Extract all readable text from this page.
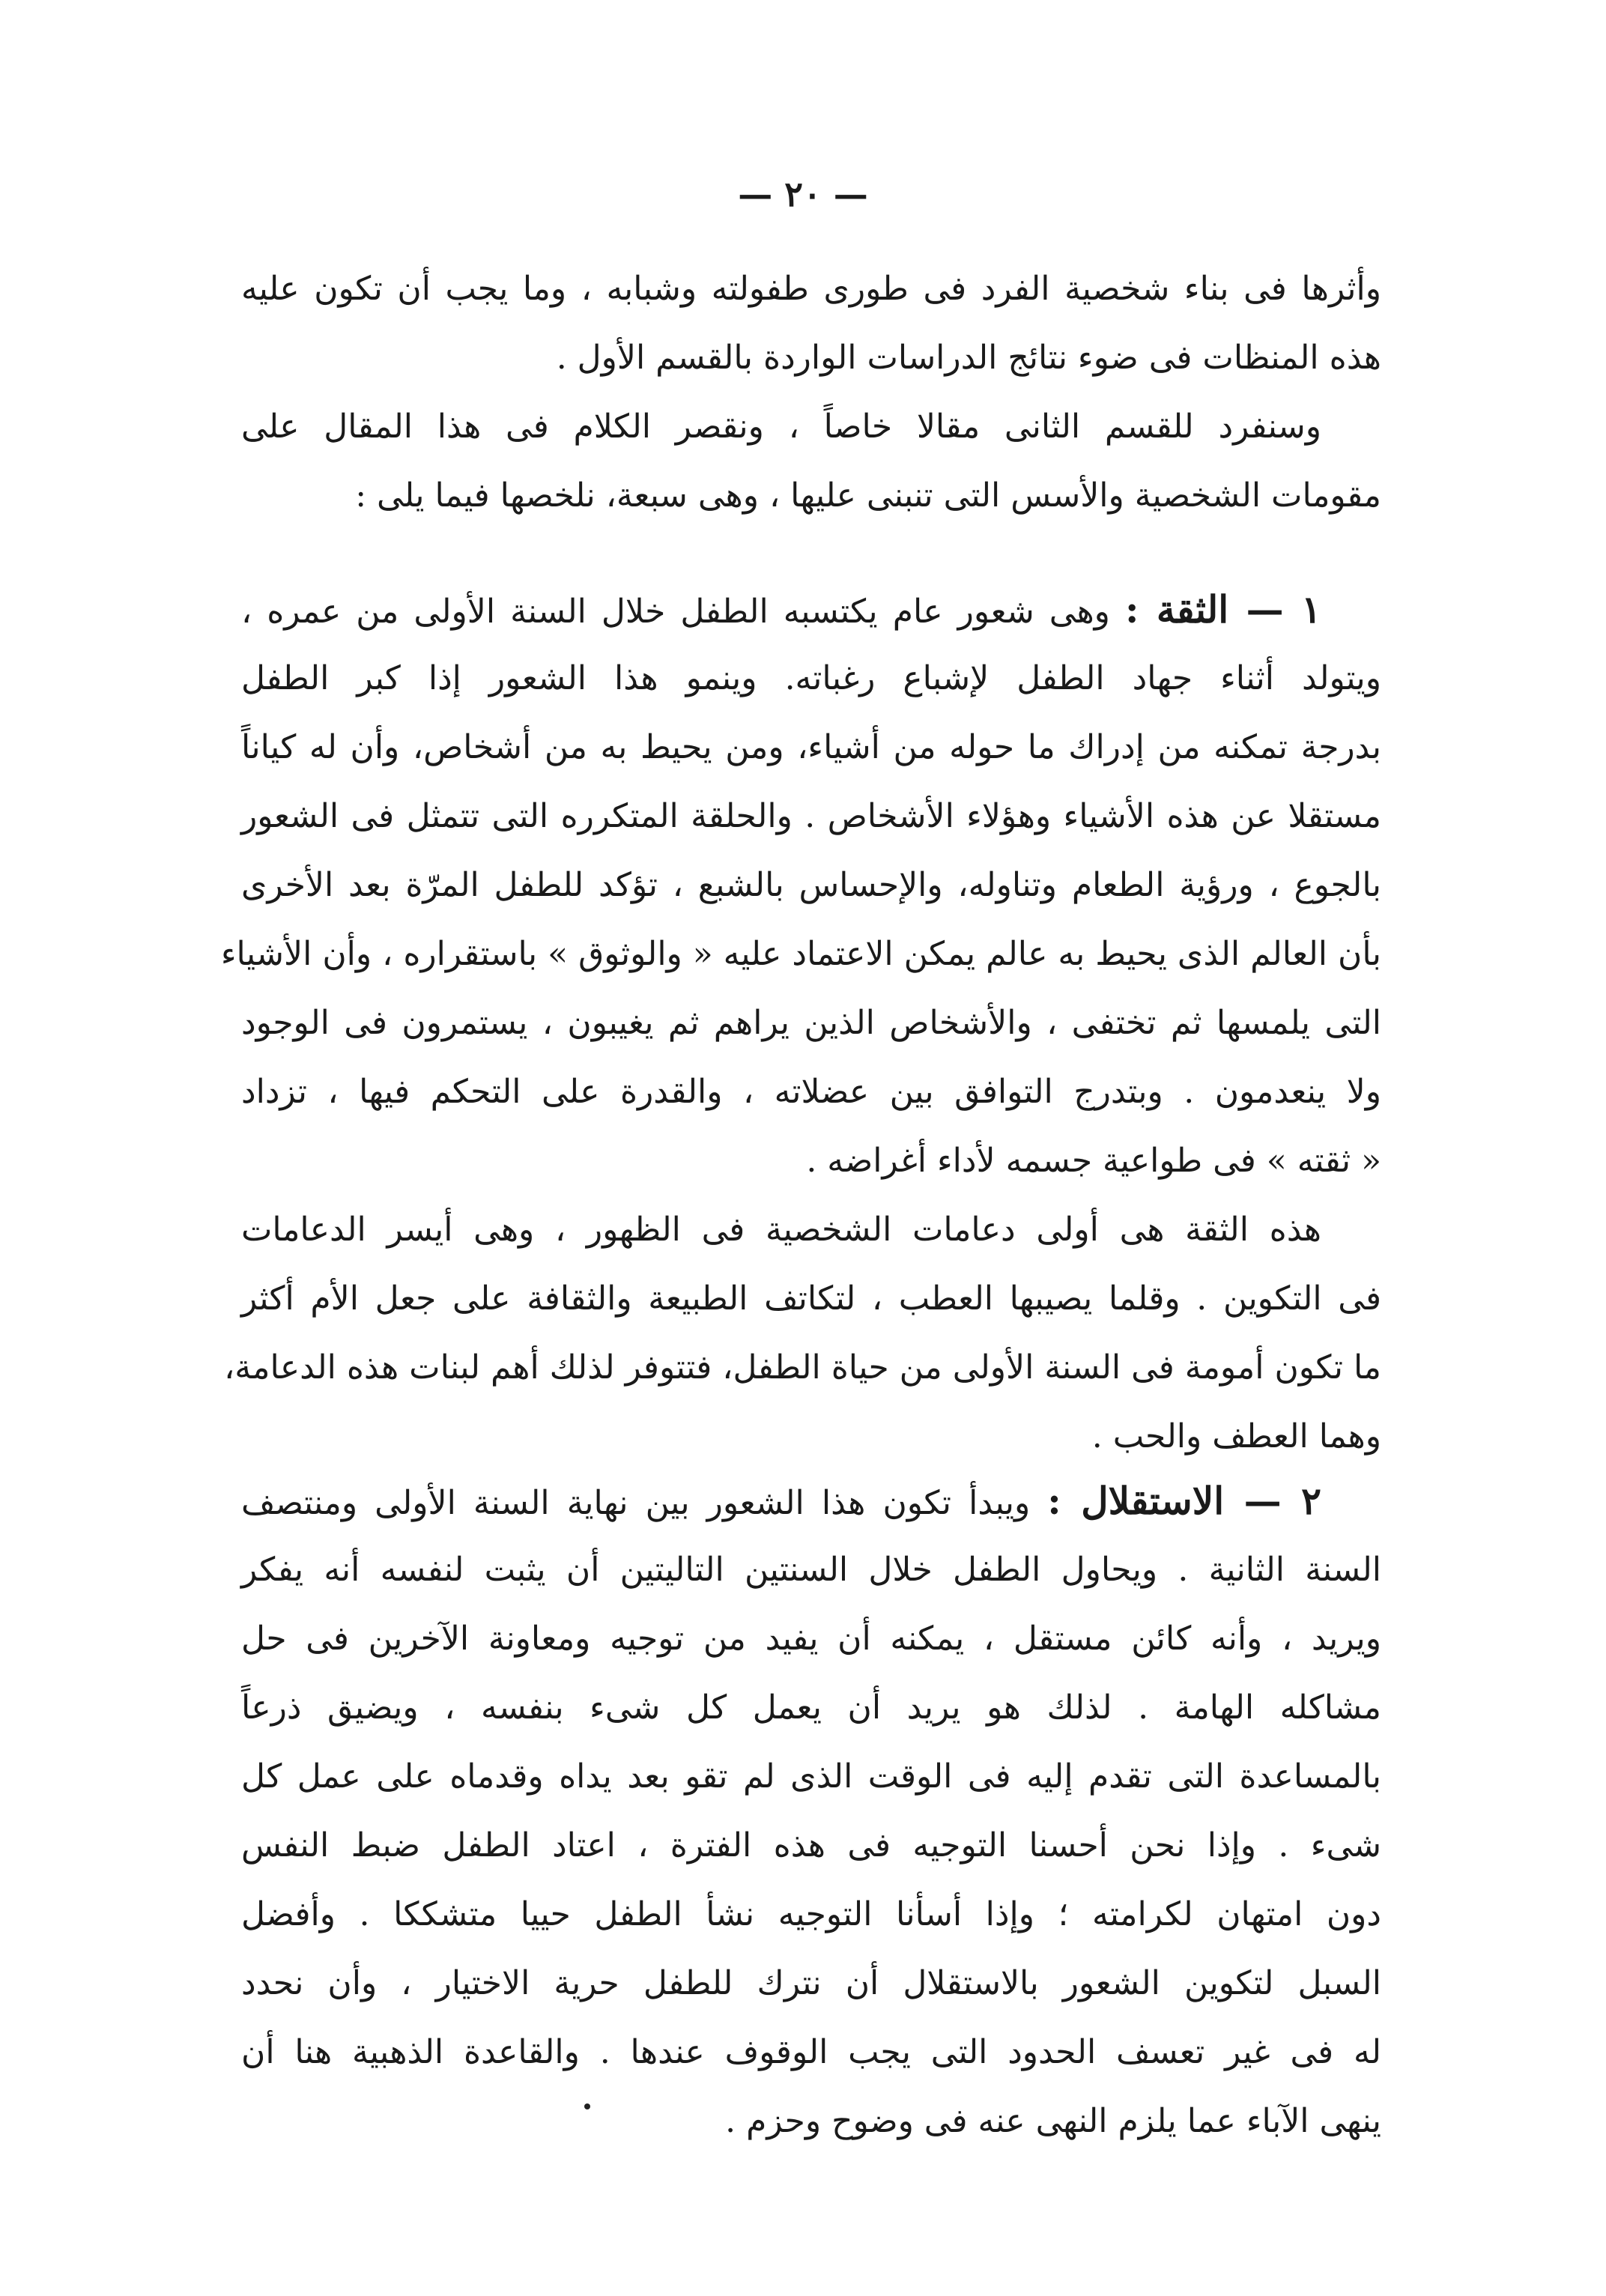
— ٢٠ —
وأثرها فى بناء شخصية الفرد فى طورى طفولته وشبابه ، وما يجب أن تكون عليه
هذه المنظات فى ضوء نتائج الدراسات الواردة بالقسم الأول .
وسنفرد للقسم الثانى مقالا خاصاً ، ونقصر الكلام فى هذا المقال على
مقومات الشخصية والأسس التى تنبنى عليها ، وهى سبعة، نلخصها فيما يلى :
١ — الثقة : وهى شعور عام يكتسبه الطفل خلال السنة الأولى من عمره ،
ويتولد أثناء جهاد الطفل لإشباع رغباته. وينمو هذا الشعور إذا كبر الطفل
بدرجة تمكنه من إدراك ما حوله من أشياء، ومن يحيط به من أشخاص، وأن له كياناً
مستقلا عن هذه الأشياء وهؤلاء الأشخاص . والحلقة المتكرره التى تتمثل فى الشعور
بالجوع ، ورؤية الطعام وتناوله، والإحساس بالشبع ، تؤكد للطفل المرّة بعد الأخرى
بأن العالم الذى يحيط به عالم يمكن الاعتماد عليه « والوثوق » باستقراره ، وأن الأشياء
التى يلمسها ثم تختفى ، والأشخاص الذين يراهم ثم يغيبون ، يستمرون فى الوجود
ولا ينعدمون . وبتدرج التوافق بين عضلاته ، والقدرة على التحكم فيها ، تزداد
« ثقته » فى طواعية جسمه لأداء أغراضه .
هذه الثقة هى أولى دعامات الشخصية فى الظهور ، وهى أيسر الدعامات
فى التكوين . وقلما يصيبها العطب ، لتكاتف الطبيعة والثقافة على جعل الأم أكثر
ما تكون أمومة فى السنة الأولى من حياة الطفل، فتتوفر لذلك أهم لبنات هذه الدعامة،
وهما العطف والحب .
٢ — الاستقلال : ويبدأ تكون هذا الشعور بين نهاية السنة الأولى ومنتصف
السنة الثانية . ويحاول الطفل خلال السنتين التاليتين أن يثبت لنفسه أنه يفكر
ويريد ، وأنه كائن مستقل ، يمكنه أن يفيد من توجيه ومعاونة الآخرين فى حل
مشاكله الهامة . لذلك هو يريد أن يعمل كل شىء بنفسه ، ويضيق ذرعاً
بالمساعدة التى تقدم إليه فى الوقت الذى لم تقو بعد يداه وقدماه على عمل كل
شىء . وإذا نحن أحسنا التوجيه فى هذه الفترة ، اعتاد الطفل ضبط النفس
دون امتهان لكرامته ؛ وإذا أسأنا التوجيه نشأ الطفل حييا متشككا . وأفضل
السبل لتكوين الشعور بالاستقلال أن نترك للطفل حرية الاختيار ، وأن نحدد
له فى غير تعسف الحدود التى يجب الوقوف عندها . والقاعدة الذهبية هنا أن
ينهى الآباء عما يلزم النهى عنه فى وضوح وحزم .
